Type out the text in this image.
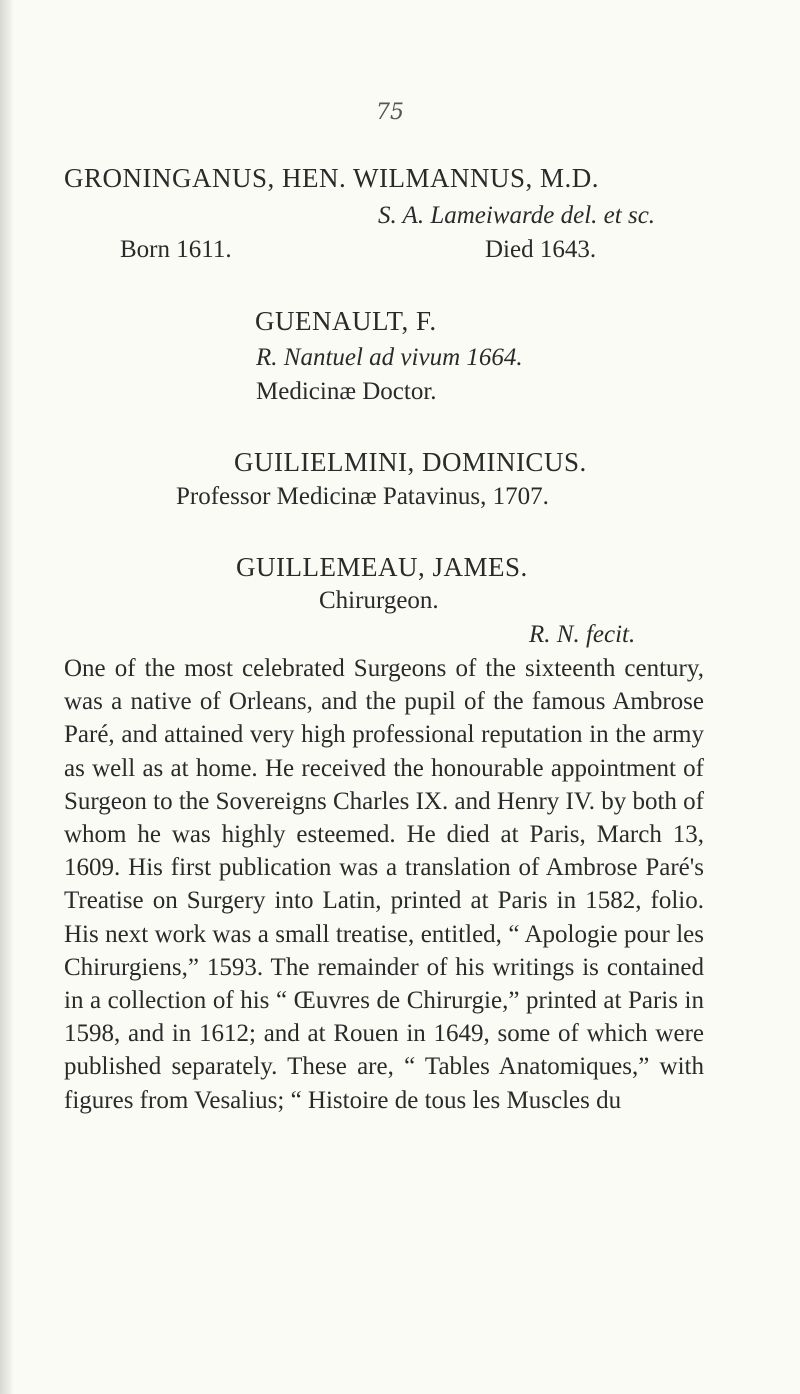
75
GRONINGANUS, HEN. WILMANNUS, M.D.
S. A. Lameiwarde del. et sc.
Born 1611.	Died 1643.
GUENAULT, F.
R. Nantuel ad vivum 1664.
Medicinæ Doctor.
GUILIELMINI, DOMINICUS.
Professor Medicinæ Patavinus, 1707.
GUILLEMEAU, JAMES.
Chirurgeon.
R. N. fecit.

One of the most celebrated Surgeons of the sixteenth century, was a native of Orleans, and the pupil of the famous Ambrose Paré, and attained very high professional reputation in the army as well as at home. He received the honourable appointment of Surgeon to the Sovereigns Charles IX. and Henry IV. by both of whom he was highly esteemed. He died at Paris, March 13, 1609. His first publication was a translation of Ambrose Paré's Treatise on Surgery into Latin, printed at Paris in 1582, folio. His next work was a small treatise, entitled, “ Apologie pour les Chirurgiens,” 1593. The remainder of his writings is contained in a collection of his “ Œuvres de Chirurgie,” printed at Paris in 1598, and in 1612; and at Rouen in 1649, some of which were published separately. These are, “ Tables Anatomiques,” with figures from Vesalius; “ Histoire de tous les Muscles du
